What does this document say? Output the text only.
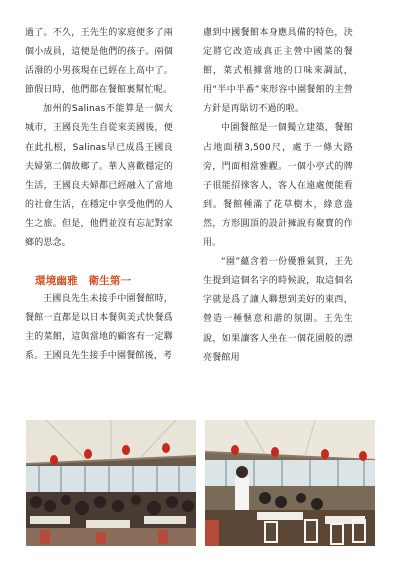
過了。不久，王先生的家庭便多了兩個小成員，這便是他們的孩子。兩個活潑的小男孩現在已經在上高中了。節假日時，他們都在餐館裏幫忙呢。

加州的Salinas不能算是一個大城市，王國良先生自從來美國後，便在此扎根，Salinas早已成爲王國良夫婦第二個故鄉了。華人喜歡穩定的生活，王國良夫婦都已經融入了當地的社會生活，在穩定中享受他們的人生之旅。但是，他們並沒有忘記對家鄉的思念。

環境幽雅　衛生第一

王國良先生未接手中園餐館時，餐館一直都是以日本餐與美式快餐爲主的菜館，這與當地的顧客有一定聯系。王國良先生接手中園餐館後，考

慮到中國餐館本身應具備的特色，決定將它改造成真正主營中國菜的餐館，菜式根據當地的口味來調試，用“半中半番”來形容中園餐館的主營方針是再貼切不過的啦。

中園餐館是一個獨立建築，餐館占地面積3,500尺，處于一條大路旁，門面相當雅觀。一個小亭式的牌子很能招徠客人，客人在遠處便能看到。餐館種滿了花草樹木，綠意盎然，方形圓頂的設計擁說有聚寶的作用。

“園”蘊含着一份優雅氣質，王先生提到這個名字的時候說，取這個名字就是爲了讓人聯想到美好的東西，營造一種愜意和諧的氛圍。王先生說，如果讓客人坐在一個花園般的漂亮餐館用
